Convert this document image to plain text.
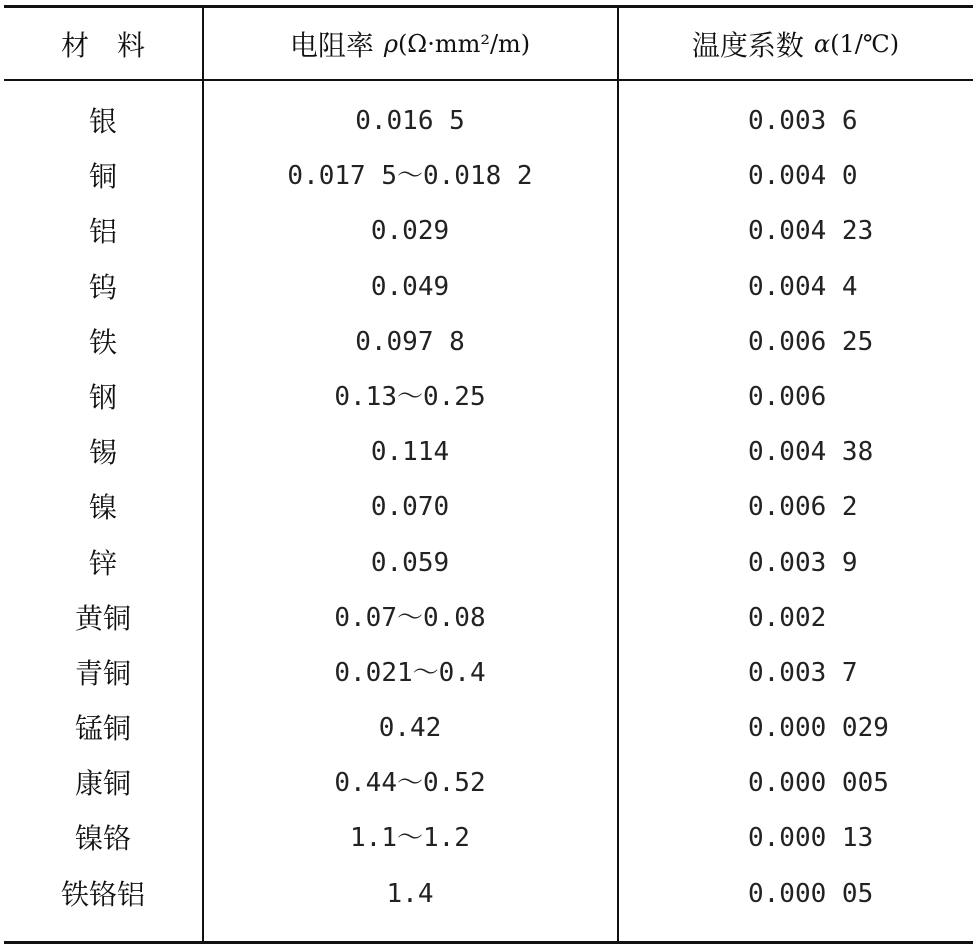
材料	电阻率 ρ (Ω·mm²/m)	温度系数 α (1/℃)
银	0.016 5	0.003 6
铜	0.017 5～0.018 2	0.004 0
铝	0.029	0.004 23
钨	0.049	0.004 4
铁	0.097 8	0.006 25
钢	0.13～0.25	0.006
锡	0.114	0.004 38
镍	0.070	0.006 2
锌	0.059	0.003 9
黄铜	0.07～0.08	0.002
青铜	0.021～0.4	0.003 7
锰铜	0.42	0.000 029
康铜	0.44～0.52	0.000 005
镍铬	1.1～1.2	0.000 13
铁铬铝	1.4	0.000 05
